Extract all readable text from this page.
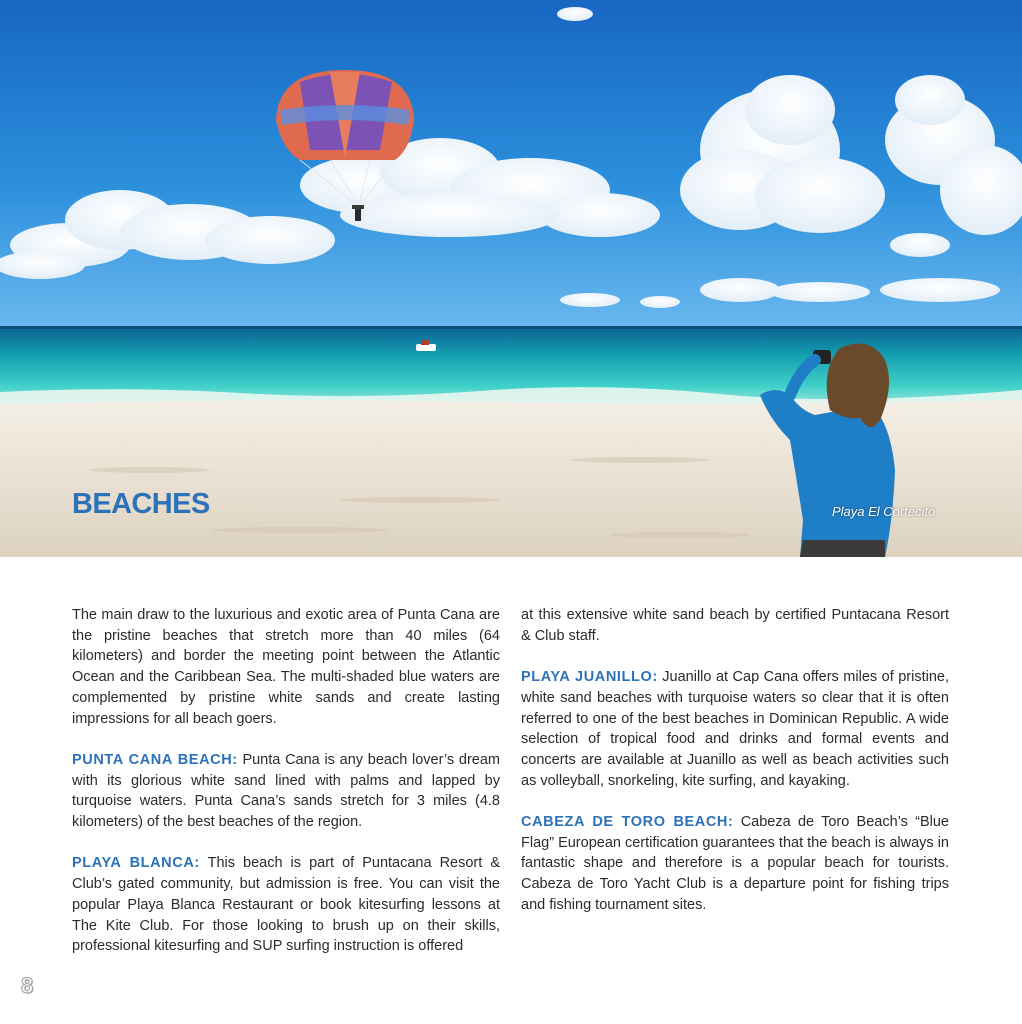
BEACHES	Playa El Cortecito

The main draw to the luxurious and exotic area of Punta Cana are the pristine beaches that stretch more than 40 miles (64 kilometers) and border the meeting point between the Atlantic Ocean and the Caribbean Sea. The multi-shaded blue waters are complemented by pristine white sands and create lasting impressions for all beach goers.

PUNTA CANA BEACH: Punta Cana is any beach lover’s dream with its glorious white sand lined with palms and lapped by turquoise waters. Punta Cana’s sands stretch for 3 miles (4.8 kilometers) of the best beaches of the region.

PLAYA BLANCA: This beach is part of Puntacana Resort & Club’s gated community, but admission is free. You can visit the popular Playa Blanca Restaurant or book kitesurfing lessons at The Kite Club. For those looking to brush up on their skills, professional kitesurfing and SUP surfing instruction is offered

at this extensive white sand beach by certified Puntacana Resort & Club staff.

PLAYA JUANILLO: Juanillo at Cap Cana offers miles of pristine, white sand beaches with turquoise waters so clear that it is often referred to one of the best beaches in Dominican Republic. A wide selection of tropical food and drinks and formal events and concerts are available at Juanillo as well as beach activities such as volleyball, snorkeling, kite surfing, and kayaking.

CABEZA DE TORO BEACH: Cabeza de Toro Beach’s “Blue Flag” European certification guarantees that the beach is always in fantastic shape and therefore is a popular beach for tourists. Cabeza de Toro Yacht Club is a departure point for fishing trips and fishing tournament sites.

8
